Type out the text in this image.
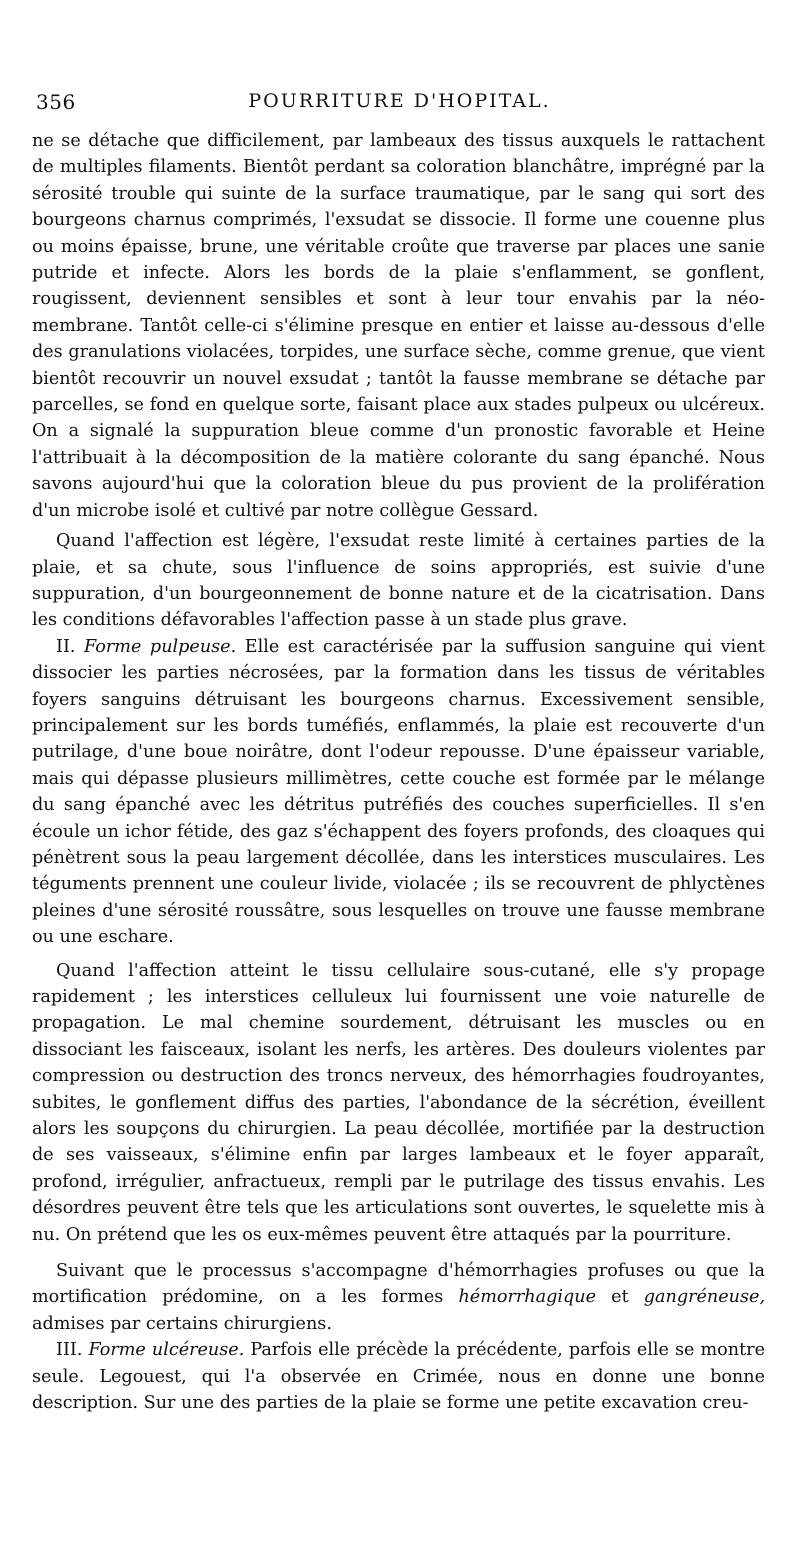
356	POURRITURE D'HOPITAL.

ne se détache que difficilement, par lambeaux des tissus auxquels le rattachent de multiples filaments. Bientôt perdant sa coloration blanchâtre, imprégné par la sérosité trouble qui suinte de la surface traumatique, par le sang qui sort des bourgeons charnus comprimés, l'exsudat se dissocie. Il forme une couenne plus ou moins épaisse, brune, une véritable croûte que traverse par places une sanie putride et infecte. Alors les bords de la plaie s'enflamment, se gonflent, rougissent, deviennent sensibles et sont à leur tour envahis par la néo-membrane. Tantôt celle-ci s'élimine presque en entier et laisse au-dessous d'elle des granulations violacées, torpides, une surface sèche, comme grenue, que vient bientôt recouvrir un nouvel exsudat ; tantôt la fausse membrane se détache par parcelles, se fond en quelque sorte, faisant place aux stades pulpeux ou ulcéreux. On a signalé la suppuration bleue comme d'un pronostic favorable et Heine l'attribuait à la décomposition de la matière colorante du sang épanché. Nous savons aujourd'hui que la coloration bleue du pus provient de la prolifération d'un microbe isolé et cultivé par notre collègue Gessard.

Quand l'affection est légère, l'exsudat reste limité à certaines parties de la plaie, et sa chute, sous l'influence de soins appropriés, est suivie d'une suppuration, d'un bourgeonnement de bonne nature et de la cicatrisation. Dans les conditions défavorables l'affection passe à un stade plus grave.

II. Forme pulpeuse. Elle est caractérisée par la suffusion sanguine qui vient dissocier les parties nécrosées, par la formation dans les tissus de véritables foyers sanguins détruisant les bourgeons charnus. Excessivement sensible, principalement sur les bords tuméfiés, enflammés, la plaie est recouverte d'un putrilage, d'une boue noirâtre, dont l'odeur repousse. D'une épaisseur variable, mais qui dépasse plusieurs millimètres, cette couche est formée par le mélange du sang épanché avec les détritus putréfiés des couches superficielles. Il s'en écoule un ichor fétide, des gaz s'échappent des foyers profonds, des cloaques qui pénètrent sous la peau largement décollée, dans les interstices musculaires. Les téguments prennent une couleur livide, violacée ; ils se recouvrent de phlyctènes pleines d'une sérosité roussâtre, sous lesquelles on trouve une fausse membrane ou une eschare.

Quand l'affection atteint le tissu cellulaire sous-cutané, elle s'y propage rapidement ; les interstices celluleux lui fournissent une voie naturelle de propagation. Le mal chemine sourdement, détruisant les muscles ou en dissociant les faisceaux, isolant les nerfs, les artères. Des douleurs violentes par compression ou destruction des troncs nerveux, des hémorrhagies foudroyantes, subites, le gonflement diffus des parties, l'abondance de la sécrétion, éveillent alors les soupçons du chirurgien. La peau décollée, mortifiée par la destruction de ses vaisseaux, s'élimine enfin par larges lambeaux et le foyer apparaît, profond, irrégulier, anfractueux, rempli par le putrilage des tissus envahis. Les désordres peuvent être tels que les articulations sont ouvertes, le squelette mis à nu. On prétend que les os eux-mêmes peuvent être attaqués par la pourriture.

Suivant que le processus s'accompagne d'hémorrhagies profuses ou que la mortification prédomine, on a les formes hémorrhagique et gangréneuse, admises par certains chirurgiens.

III. Forme ulcéreuse. Parfois elle précède la précédente, parfois elle se montre seule. Legouest, qui l'a observée en Crimée, nous en donne une bonne description. Sur une des parties de la plaie se forme une petite excavation creu-
